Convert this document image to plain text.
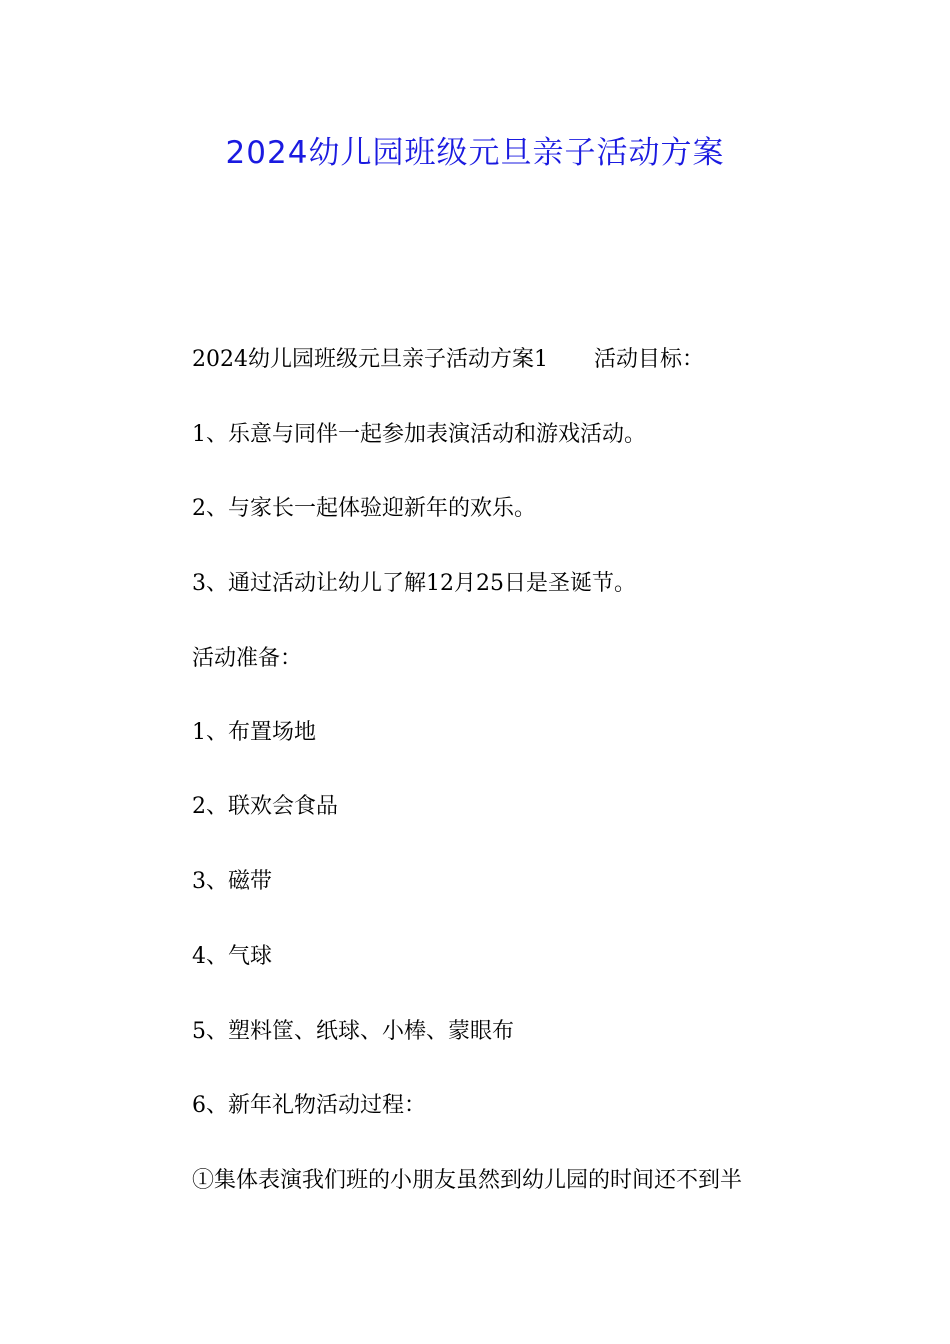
2024幼儿园班级元旦亲子活动方案
2024幼儿园班级元旦亲子活动方案1 活动目标：
1、乐意与同伴一起参加表演活动和游戏活动。
2、与家长一起体验迎新年的欢乐。
3、通过活动让幼儿了解12月25日是圣诞节。
活动准备：
1、布置场地
2、联欢会食品
3、磁带
4、气球
5、塑料筐、纸球、小棒、蒙眼布
6、新年礼物活动过程：
①集体表演我们班的小朋友虽然到幼儿园的时间还不到半
